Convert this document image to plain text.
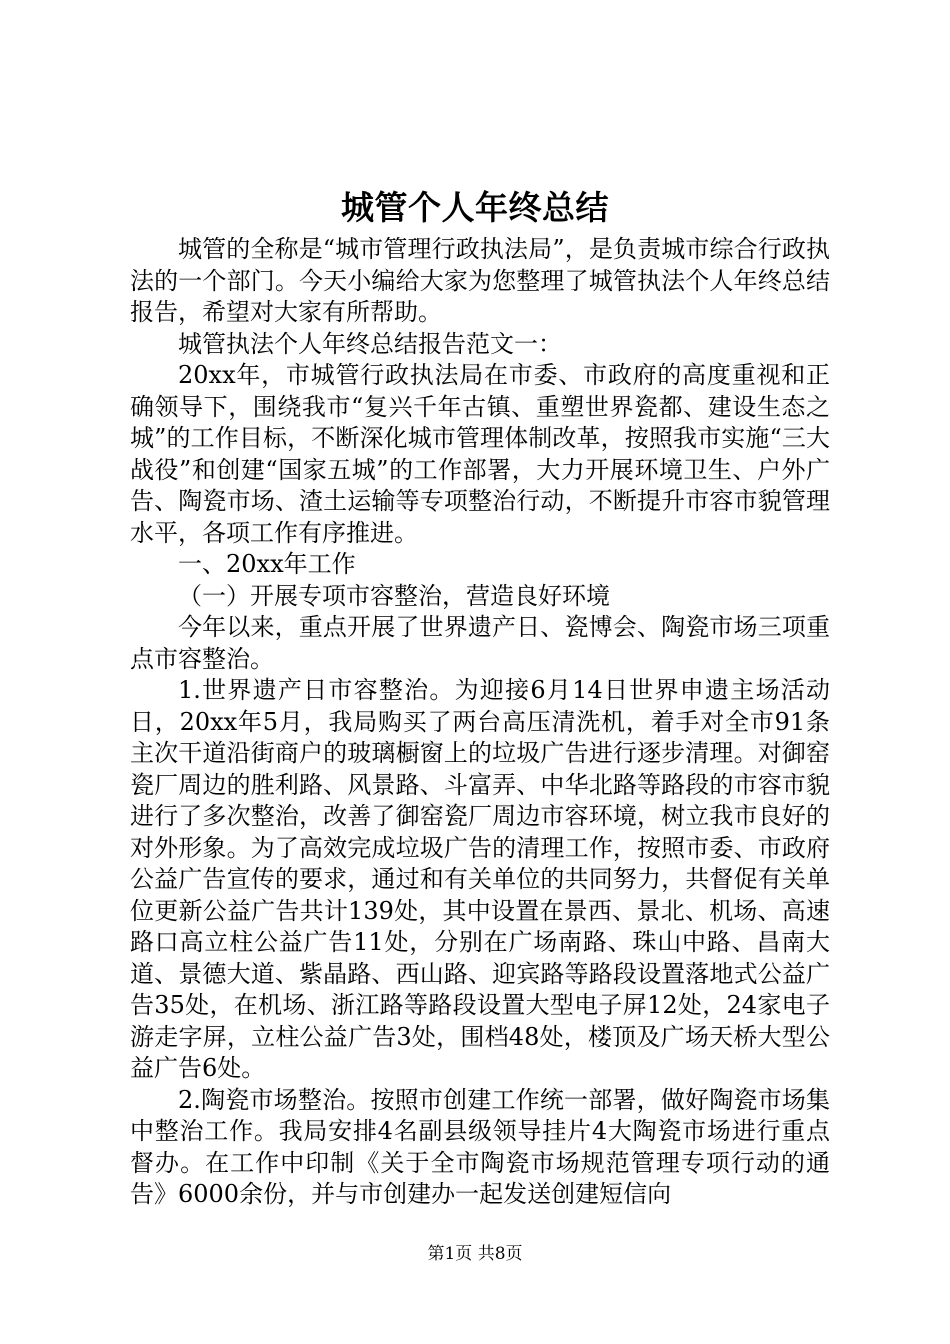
城管个人年终总结

城管的全称是“城市管理行政执法局”，是负责城市综合行政执法的一个部门。今天小编给大家为您整理了城管执法个人年终总结报告，希望对大家有所帮助。

城管执法个人年终总结报告范文一：

20xx年，市城管行政执法局在市委、市政府的高度重视和正确领导下，围绕我市“复兴千年古镇、重塑世界瓷都、建设生态之城”的工作目标，不断深化城市管理体制改革，按照我市实施“三大战役”和创建“国家五城”的工作部署，大力开展环境卫生、户外广告、陶瓷市场、渣土运输等专项整治行动，不断提升市容市貌管理水平，各项工作有序推进。

一、20xx年工作

（一）开展专项市容整治，营造良好环境

今年以来，重点开展了世界遗产日、瓷博会、陶瓷市场三项重点市容整治。

1.世界遗产日市容整治。为迎接6月14日世界申遗主场活动日，20xx年5月，我局购买了两台高压清洗机，着手对全市91条主次干道沿街商户的玻璃橱窗上的垃圾广告进行逐步清理。对御窑瓷厂周边的胜利路、风景路、斗富弄、中华北路等路段的市容市貌进行了多次整治，改善了御窑瓷厂周边市容环境，树立我市良好的对外形象。为了高效完成垃圾广告的清理工作，按照市委、市政府公益广告宣传的要求，通过和有关单位的共同努力，共督促有关单位更新公益广告共计139处，其中设置在景西、景北、机场、高速路口高立柱公益广告11处，分别在广场南路、珠山中路、昌南大道、景德大道、紫晶路、西山路、迎宾路等路段设置落地式公益广告35处，在机场、浙江路等路段设置大型电子屏12处，24家电子游走字屏，立柱公益广告3处，围档48处，楼顶及广场天桥大型公益广告6处。

2.陶瓷市场整治。按照市创建工作统一部署，做好陶瓷市场集中整治工作。我局安排4名副县级领导挂片4大陶瓷市场进行重点督办。在工作中印制《关于全市陶瓷市场规范管理专项行动的通告》6000余份，并与市创建办一起发送创建短信向

第1页 共8页
